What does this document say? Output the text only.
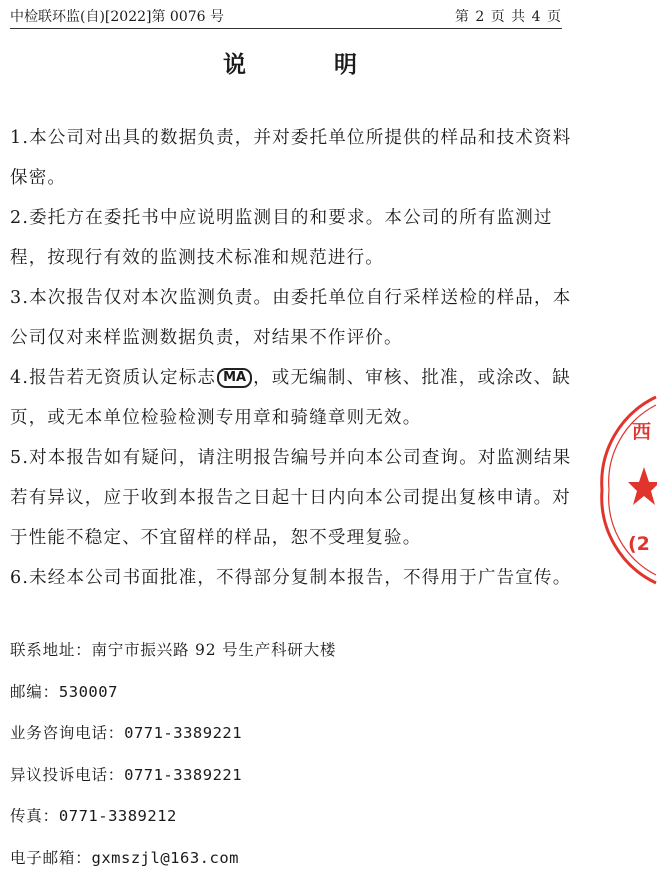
中检联环监(自)[2022]第 0076 号	第 2 页 共 4 页
说 明
1.本公司对出具的数据负责，并对委托单位所提供的样品和技术资料保密。
2.委托方在委托书中应说明监测目的和要求。本公司的所有监测过程，按现行有效的监测技术标准和规范进行。
3.本次报告仅对本次监测负责。由委托单位自行采样送检的样品，本公司仅对来样监测数据负责，对结果不作评价。
4.报告若无资质认定标志 MA ，或无编制、审核、批准，或涂改、缺页，或无本单位检验检测专用章和骑缝章则无效。
5.对本报告如有疑问，请注明报告编号并向本公司查询。对监测结果若有异议，应于收到本报告之日起十日内向本公司提出复核申请。对于性能不稳定、不宜留样的样品，恕不受理复验。
6.未经本公司书面批准，不得部分复制本报告，不得用于广告宣传。
联系地址：南宁市振兴路 92 号生产科研大楼
邮编：530007
业务咨询电话：0771-3389221
异议投诉电话：0771-3389221
传真：0771-3389212
电子邮箱：gxmszjl@163.com
西
(2
